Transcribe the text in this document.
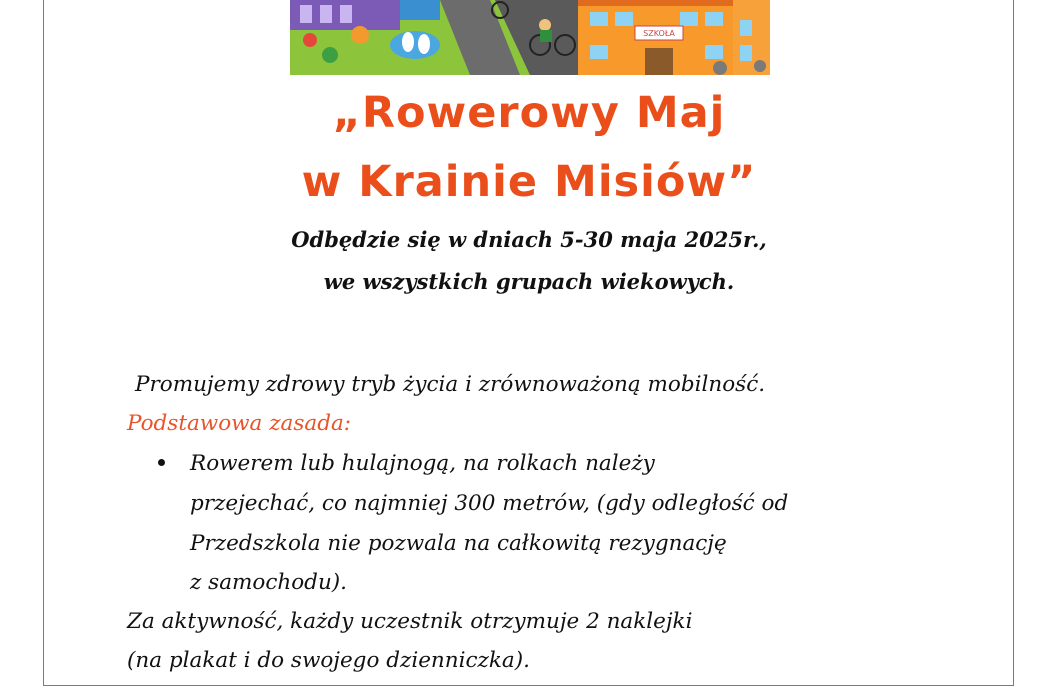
SZKOŁA
„Rowerowy Maj
w Krainie Misiów”
Odbędzie się w dniach 5-30 maja 2025r.,
we wszystkich grupach wiekowych.
Promujemy zdrowy tryb życia i zrównoważoną mobilność.
Podstawowa zasada:
Rowerem lub hulajnogą, na rolkach należy
przejechać, co najmniej 300 metrów, (gdy odległość od
Przedszkola nie pozwala na całkowitą rezygnację
z samochodu).
Za aktywność, każdy uczestnik otrzymuje 2 naklejki
(na plakat i do swojego dzienniczka).
